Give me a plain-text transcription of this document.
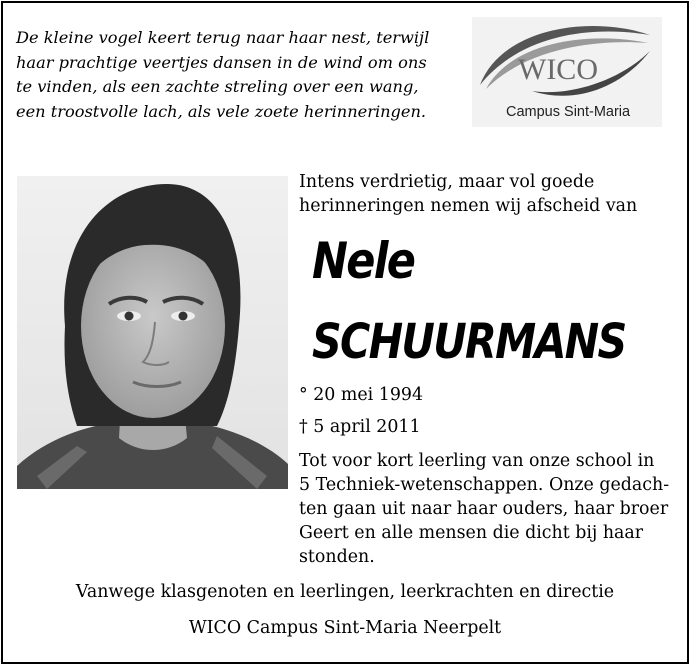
De kleine vogel keert terug naar haar nest, terwijl
haar prachtige veertjes dansen in de wind om ons
te vinden, als een zachte streling over een wang,
een troostvolle lach, als vele zoete herinneringen.

WICO
Campus Sint-Maria

Intens verdrietig, maar vol goede
herinneringen nemen wij afscheid van

Nele

SCHUURMANS

° 20 mei 1994

† 5 april 2011

Tot voor kort leerling van onze school in
5 Techniek-wetenschappen. Onze gedach-
ten gaan uit naar haar ouders, haar broer
Geert en alle mensen die dicht bij haar
stonden.

Vanwege klasgenoten en leerlingen, leerkrachten en directie

WICO Campus Sint-Maria Neerpelt
